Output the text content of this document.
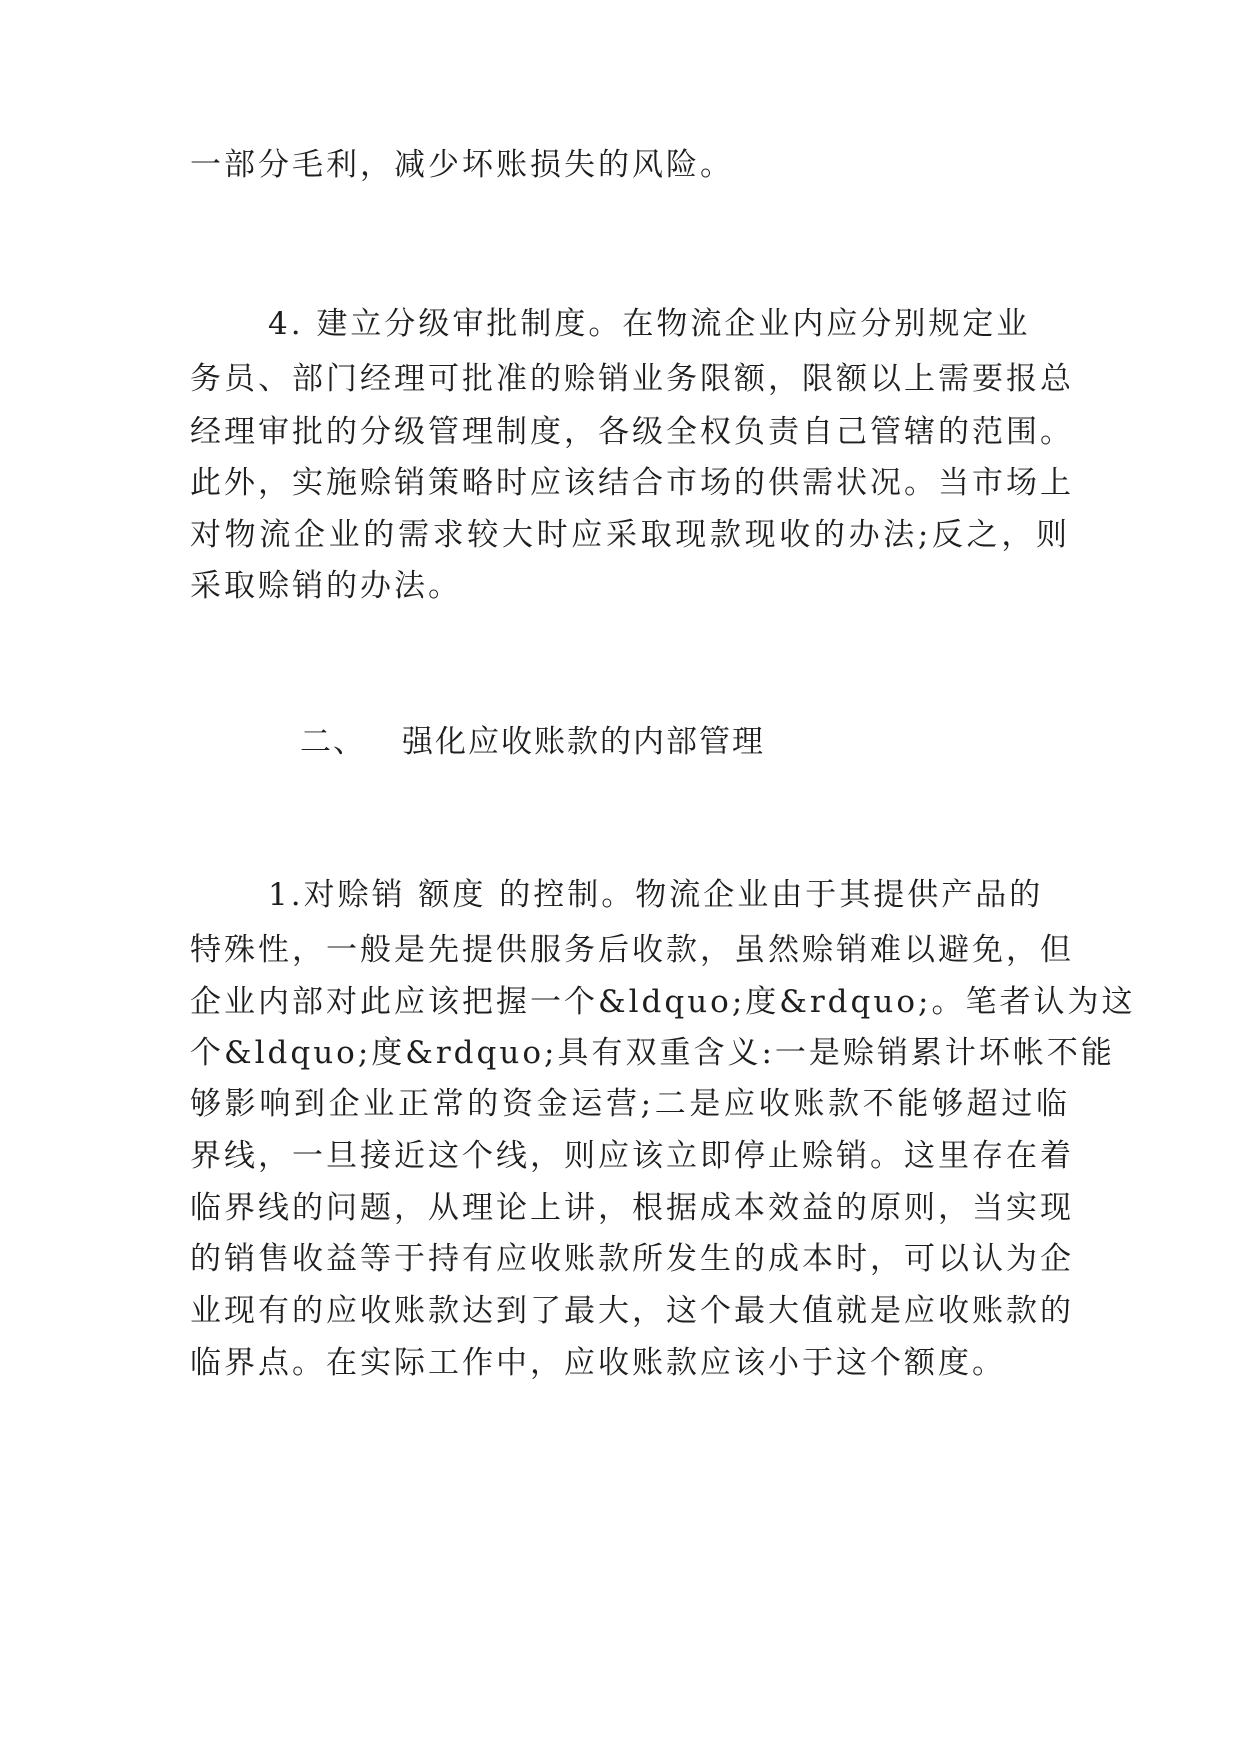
一部分毛利，减少坏账损失的风险。
4. 建立分级审批制度。在物流企业内应分别规定业
务员、部门经理可批准的赊销业务限额，限额以上需要报总
经理审批的分级管理制度，各级全权负责自己管辖的范围。
此外，实施赊销策略时应该结合市场的供需状况。当市场上
对物流企业的需求较大时应采取现款现收的办法;反之，则
采取赊销的办法。
二、 强化应收账款的内部管理
1.对赊销 额度 的控制。物流企业由于其提供产品的
特殊性，一般是先提供服务后收款，虽然赊销难以避免，但
企业内部对此应该把握一个&ldquo;度&rdquo;。笔者认为这
个&ldquo;度&rdquo;具有双重含义:一是赊销累计坏帐不能
够影响到企业正常的资金运营;二是应收账款不能够超过临
界线，一旦接近这个线，则应该立即停止赊销。这里存在着
临界线的问题，从理论上讲，根据成本效益的原则，当实现
的销售收益等于持有应收账款所发生的成本时，可以认为企
业现有的应收账款达到了最大，这个最大值就是应收账款的
临界点。在实际工作中，应收账款应该小于这个额度。
